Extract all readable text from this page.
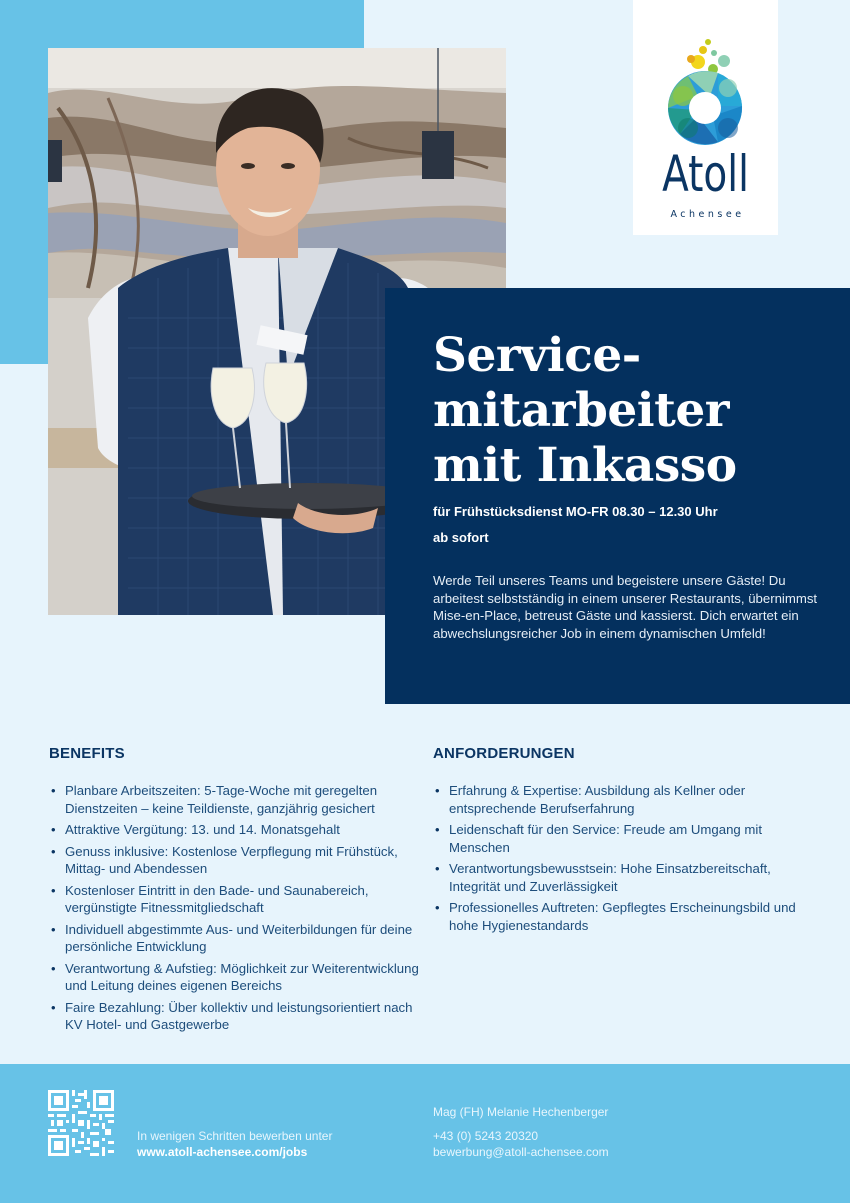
Atoll
Achensee
Service-
mitarbeiter
mit Inkasso
für Frühstücksdienst MO-FR 08.30 – 12.30 Uhr
ab sofort

Werde Teil unseres Teams und begeistere unsere Gäste! Du arbeitest selbstständig in einem unserer Restaurants, übernimmst Mise-en-Place, betreust Gäste und kassierst. Dich erwartet ein abwechslungsreicher Job in einem dynamischen Umfeld!

BENEFITS
• Planbare Arbeitszeiten: 5-Tage-Woche mit geregelten Dienstzeiten – keine Teildienste, ganzjährig gesichert
• Attraktive Vergütung: 13. und 14. Monatsgehalt
• Genuss inklusive: Kostenlose Verpflegung mit Frühstück, Mittag- und Abendessen
• Kostenloser Eintritt in den Bade- und Saunabereich, vergünstigte Fitnessmitgliedschaft
• Individuell abgestimmte Aus- und Weiterbildungen für deine persönliche Entwicklung
• Verantwortung & Aufstieg: Möglichkeit zur Weiterentwicklung und Leitung deines eigenen Bereichs
• Faire Bezahlung: Über kollektiv und leistungsorientiert nach KV Hotel- und Gastgewerbe
ANFORDERUNGEN
• Erfahrung & Expertise: Ausbildung als Kellner oder entsprechende Berufserfahrung
• Leidenschaft für den Service: Freude am Umgang mit Menschen
• Verantwortungsbewusstsein: Hohe Einsatzbereitschaft, Integrität und Zuverlässigkeit
• Professionelles Auftreten: Gepflegtes Erscheinungsbild und hohe Hygienestandards
In wenigen Schritten bewerben unter
www.atoll-achensee.com/jobs
Mag (FH) Melanie Hechenberger
+43 (0) 5243 20320
bewerbung@atoll-achensee.com
